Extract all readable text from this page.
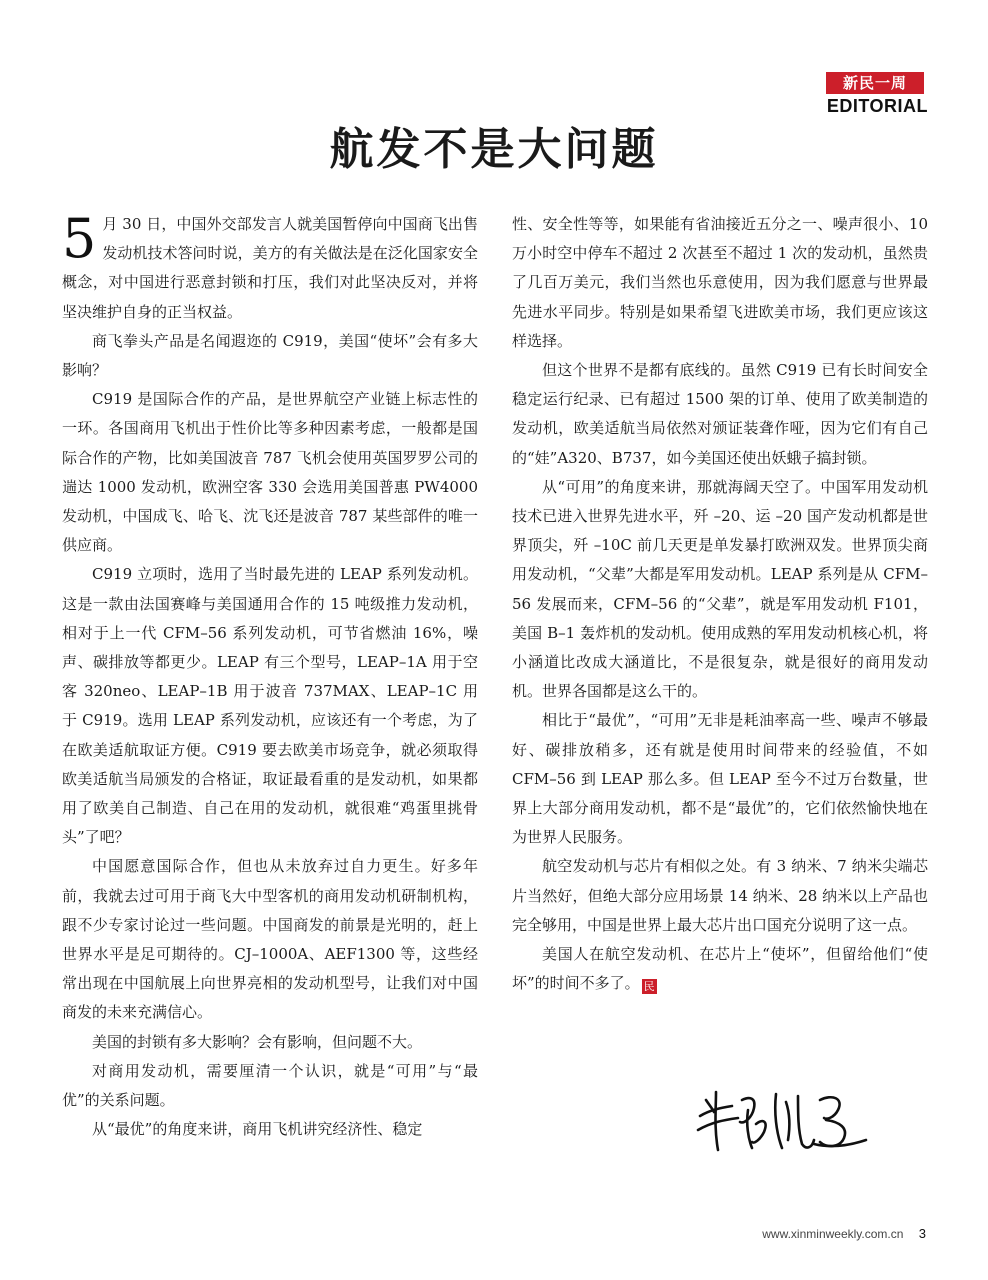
新民一周
EDITORIAL
航发不是大问题

5 月 30 日，中国外交部发言人就美国暂停向中国商飞出售发动机技术答问时说，美方的有关做法是在泛化国家安全概念，对中国进行恶意封锁和打压，我们对此坚决反对，并将坚决维护自身的正当权益。

商飞拳头产品是名闻遐迩的 C919，美国“使坏”会有多大影响？

C919 是国际合作的产品，是世界航空产业链上标志性的一环。各国商用飞机出于性价比等多种因素考虑，一般都是国际合作的产物，比如美国波音 787 飞机会使用英国罗罗公司的遄达 1000 发动机，欧洲空客 330 会选用美国普惠 PW4000 发动机，中国成飞、哈飞、沈飞还是波音 787 某些部件的唯一供应商。

C919 立项时，选用了当时最先进的 LEAP 系列发动机。这是一款由法国赛峰与美国通用合作的 15 吨级推力发动机，相对于上一代 CFM–56 系列发动机，可节省燃油 16%，噪声、碳排放等都更少。LEAP 有三个型号，LEAP–1A 用于空客 320neo、LEAP–1B 用于波音 737MAX、LEAP–1C 用于 C919。选用 LEAP 系列发动机，应该还有一个考虑，为了在欧美适航取证方便。C919 要去欧美市场竞争，就必须取得欧美适航当局颁发的合格证，取证最看重的是发动机，如果都用了欧美自己制造、自己在用的发动机，就很难“鸡蛋里挑骨头”了吧？

中国愿意国际合作，但也从未放弃过自力更生。好多年前，我就去过可用于商飞大中型客机的商用发动机研制机构，跟不少专家讨论过一些问题。中国商发的前景是光明的，赶上世界水平是足可期待的。CJ–1000A、AEF1300 等，这些经常出现在中国航展上向世界亮相的发动机型号，让我们对中国商发的未来充满信心。

美国的封锁有多大影响？会有影响，但问题不大。

对商用发动机，需要厘清一个认识，就是“可用”与“最优”的关系问题。

从“最优”的角度来讲，商用飞机讲究经济性、稳定

性、安全性等等，如果能有省油接近五分之一、噪声很小、10 万小时空中停车不超过 2 次甚至不超过 1 次的发动机，虽然贵了几百万美元，我们当然也乐意使用，因为我们愿意与世界最先进水平同步。特别是如果希望飞进欧美市场，我们更应该这样选择。

但这个世界不是都有底线的。虽然 C919 已有长时间安全稳定运行纪录、已有超过 1500 架的订单、使用了欧美制造的发动机，欧美适航当局依然对颁证装聋作哑，因为它们有自己的“娃”A320、B737，如今美国还使出妖蛾子搞封锁。

从“可用”的角度来讲，那就海阔天空了。中国军用发动机技术已进入世界先进水平，歼 –20、运 –20 国产发动机都是世界顶尖，歼 –10C 前几天更是单发暴打欧洲双发。世界顶尖商用发动机，“父辈”大都是军用发动机。LEAP 系列是从 CFM–56 发展而来，CFM–56 的“父辈”，就是军用发动机 F101，美国 B–1 轰炸机的发动机。使用成熟的军用发动机核心机，将小涵道比改成大涵道比，不是很复杂，就是很好的商用发动机。世界各国都是这么干的。

相比于“最优”，“可用”无非是耗油率高一些、噪声不够最好、碳排放稍多，还有就是使用时间带来的经验值，不如 CFM–56 到 LEAP 那么多。但 LEAP 至今不过万台数量，世界上大部分商用发动机，都不是“最优”的，它们依然愉快地在为世界人民服务。

航空发动机与芯片有相似之处。有 3 纳米、7 纳米尖端芯片当然好，但绝大部分应用场景 14 纳米、28 纳米以上产品也完全够用，中国是世界上最大芯片出口国充分说明了这一点。

美国人在航空发动机、在芯片上“使坏”，但留给他们“使坏”的时间不多了。 民

www.xinminweekly.com.cn 3
